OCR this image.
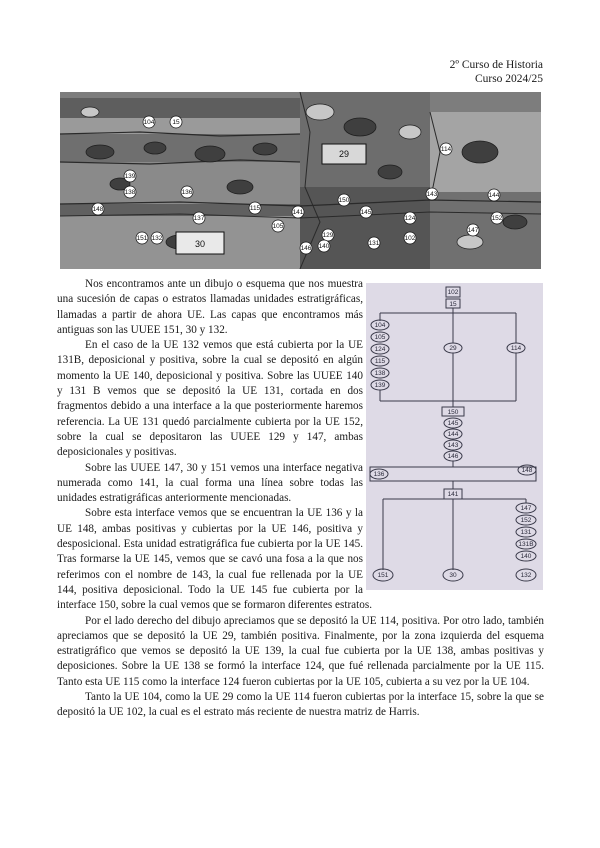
2º Curso de Historia
Curso 2024/25
104	15
29	114
139
138	136
148
137
150
145
143	144
151
30
132	129
140	131
147
152
141
146
124
115
105
102
102
15
104
105
124
115
138
139
29	114
150
145
144
143
146
136
148
141
147
152
131
131B
140
151	30	132

Nos encontramos ante un dibujo o esquema que nos muestra una sucesión de capas o estratos llamadas unidades estratigráficas, llamadas a partir de ahora UE. Las capas que encontramos más antiguas son las UUEE 151, 30 y 132.

En el caso de la UE 132 vemos que está cubierta por la UE 131B, deposicional y positiva, sobre la cual se depositó en algún momento la UE 140, deposicional y positiva. Sobre las UUEE 140 y 131 B vemos que se depositó la UE 131, cortada en dos fragmentos debido a una interface a la que posteriormente haremos referencia. La UE 131 quedó parcialmente cubierta por la UE 152, sobre la cual se depositaron las UUEE 129 y 147, ambas deposicionales y positivas.

Sobre las UUEE 147, 30 y 151 vemos una interface negativa numerada como 141, la cual forma una línea sobre todas las unidades estratigráficas anteriormente mencionadas.

Sobre esta interface vemos que se encuentran la UE 136 y la UE 148, ambas positivas y cubiertas por la UE 146, positiva y desposicional. Esta unidad estratigráfica fue cubierta por la UE 145. Tras formarse la UE 145, vemos que se cavó una fosa a la que nos referimos con el nombre de 143, la cual fue rellenada por la UE 144, positiva deposicional. Todo la UE 145 fue cubierta por la interface 150, sobre la cual vemos que se formaron diferentes estratos.

Por el lado derecho del dibujo apreciamos que se depositó la UE 114, positiva. Por otro lado, también apreciamos que se depositó la UE 29, también positiva. Finalmente, por la zona izquierda del esquema estratigráfico que vemos se depositó la UE 139, la cual fue cubierta por la UE 138, ambas positivas y deposiciones. Sobre la UE 138 se formó la interface 124, que fué rellenada parcialmente por la UE 115. Tanto esta UE 115 como la interface 124 fueron cubiertas por la UE 105, cubierta a su vez por la UE 104.

Tanto la UE 104, como la UE 29 como la UE 114 fueron cubiertas por la interface 15, sobre la que se depositó la UE 102, la cual es el estrato más reciente de nuestra matriz de Harris.
